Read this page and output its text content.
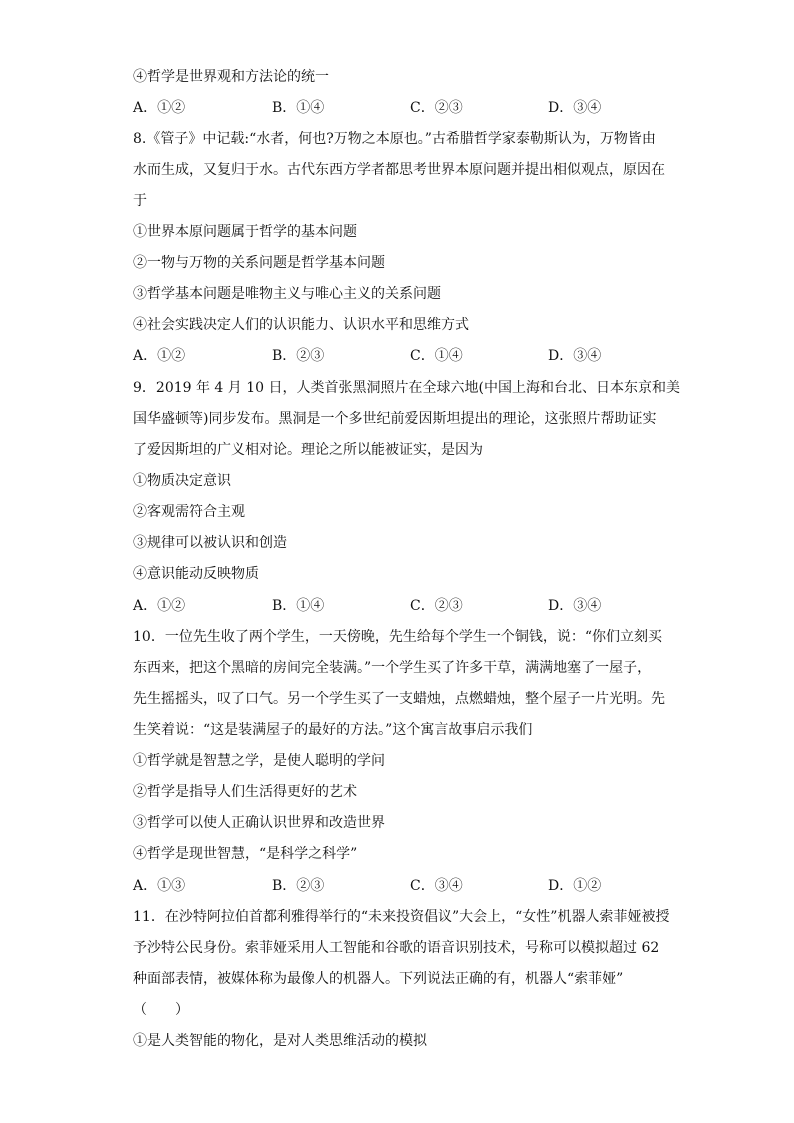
④哲学是世界观和方法论的统一
A．①②	B．①④	C．②③	D．③④
8.《管子》中记载:“水者，何也?万物之本原也。”古希腊哲学家泰勒斯认为，万物皆由
水而生成，又复归于水。古代东西方学者都思考世界本原问题并提出相似观点，原因在
于
①世界本原问题属于哲学的基本问题
②一物与万物的关系问题是哲学基本问题
③哲学基本问题是唯物主义与唯心主义的关系问题
④社会实践决定人们的认识能力、认识水平和思维方式
A．①②	B．②③	C．①④	D．③④
9．2019 年 4 月 10 日，人类首张黑洞照片在全球六地(中国上海和台北、日本东京和美
国华盛顿等)同步发布。黑洞是一个多世纪前爱因斯坦提出的理论，这张照片帮助证实
了爱因斯坦的广义相对论。理论之所以能被证实，是因为
①物质决定意识
②客观需符合主观
③规律可以被认识和创造
④意识能动反映物质
A．①②	B．①④	C．②③	D．③④
10．一位先生收了两个学生，一天傍晚，先生给每个学生一个铜钱，说：“你们立刻买
东西来，把这个黑暗的房间完全装满。”一个学生买了许多干草，满满地塞了一屋子，
先生摇摇头，叹了口气。另一个学生买了一支蜡烛，点燃蜡烛，整个屋子一片光明。先
生笑着说：“这是装满屋子的最好的方法。”这个寓言故事启示我们
①哲学就是智慧之学，是使人聪明的学问
②哲学是指导人们生活得更好的艺术
③哲学可以使人正确认识世界和改造世界
④哲学是现世智慧，“是科学之科学”
A．①③	B．②③	C．③④	D．①②
11．在沙特阿拉伯首都利雅得举行的“未来投资倡议”大会上，“女性”机器人索菲娅被授
予沙特公民身份。索菲娅采用人工智能和谷歌的语音识别技术，号称可以模拟超过 62
种面部表情，被媒体称为最像人的机器人。下列说法正确的有，机器人“索菲娅”
（　　）
①是人类智能的物化，是对人类思维活动的模拟
